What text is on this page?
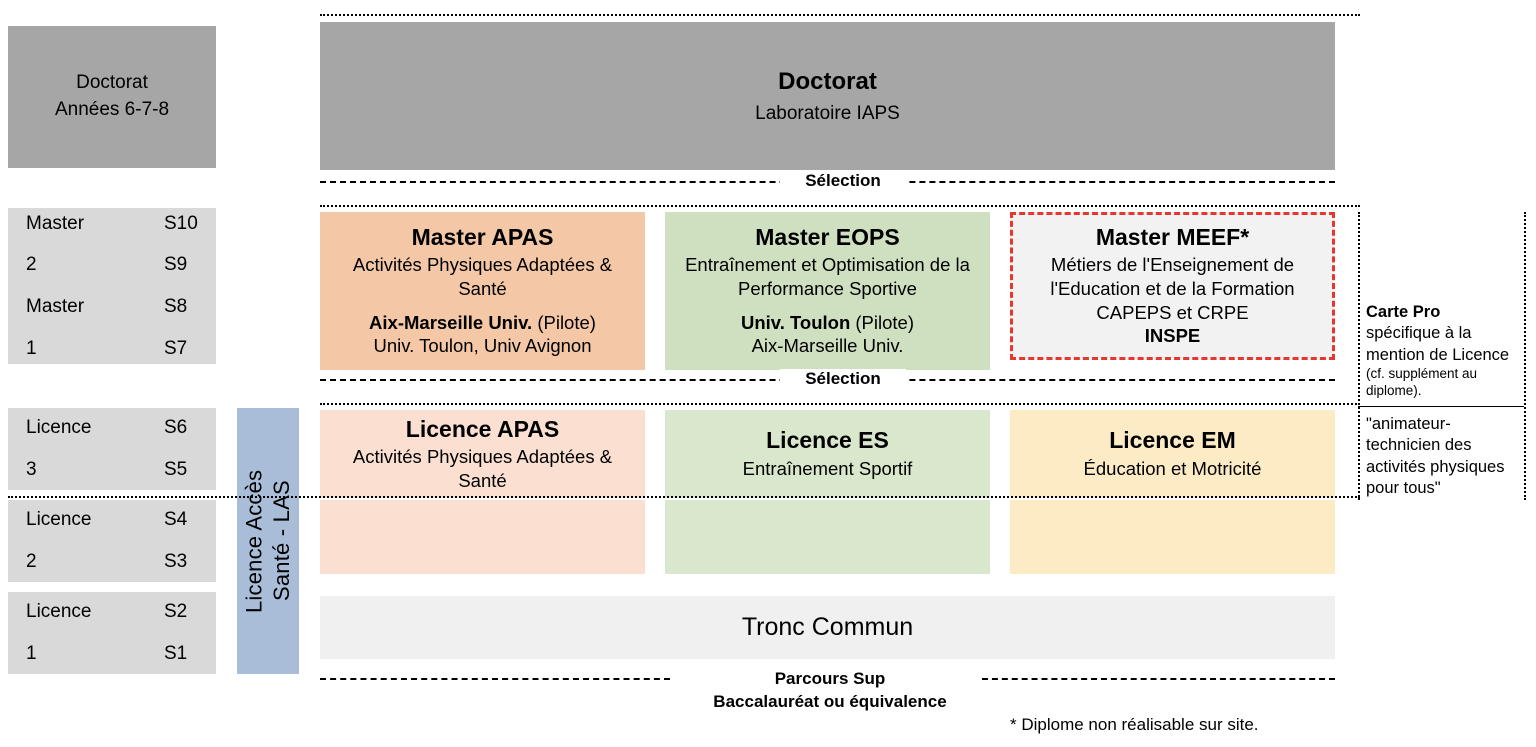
Doctorat
Années 6-7-8
Master	S10
2	S9
Master	S8
1	S7
Licence	S6
3	S5
Licence	S4
2	S3
Licence	S2
1	S1
Licence Accès Santé - LAS
Doctorat
Laboratoire IAPS
Sélection
Master APAS
Activités Physiques Adaptées & Santé
Aix-Marseille Univ. (Pilote)
Univ. Toulon, Univ Avignon
Master EOPS
Entraînement et Optimisation de la Performance Sportive
Univ. Toulon (Pilote)
Aix-Marseille Univ.
Master MEEF*
Métiers de l'Enseignement de l'Education et de la Formation
CAPEPS et CRPE
INSPE
Sélection
Licence APAS
Activités Physiques Adaptées & Santé
Licence ES
Entraînement Sportif
Licence EM
Éducation et Motricité
Tronc Commun
Parcours Sup
Baccalauréat ou équivalence
* Diplome non réalisable sur site.
Carte Pro
spécifique à la mention de Licence
(cf. supplément au diplome).
"animateur-technicien des activités physiques pour tous"
